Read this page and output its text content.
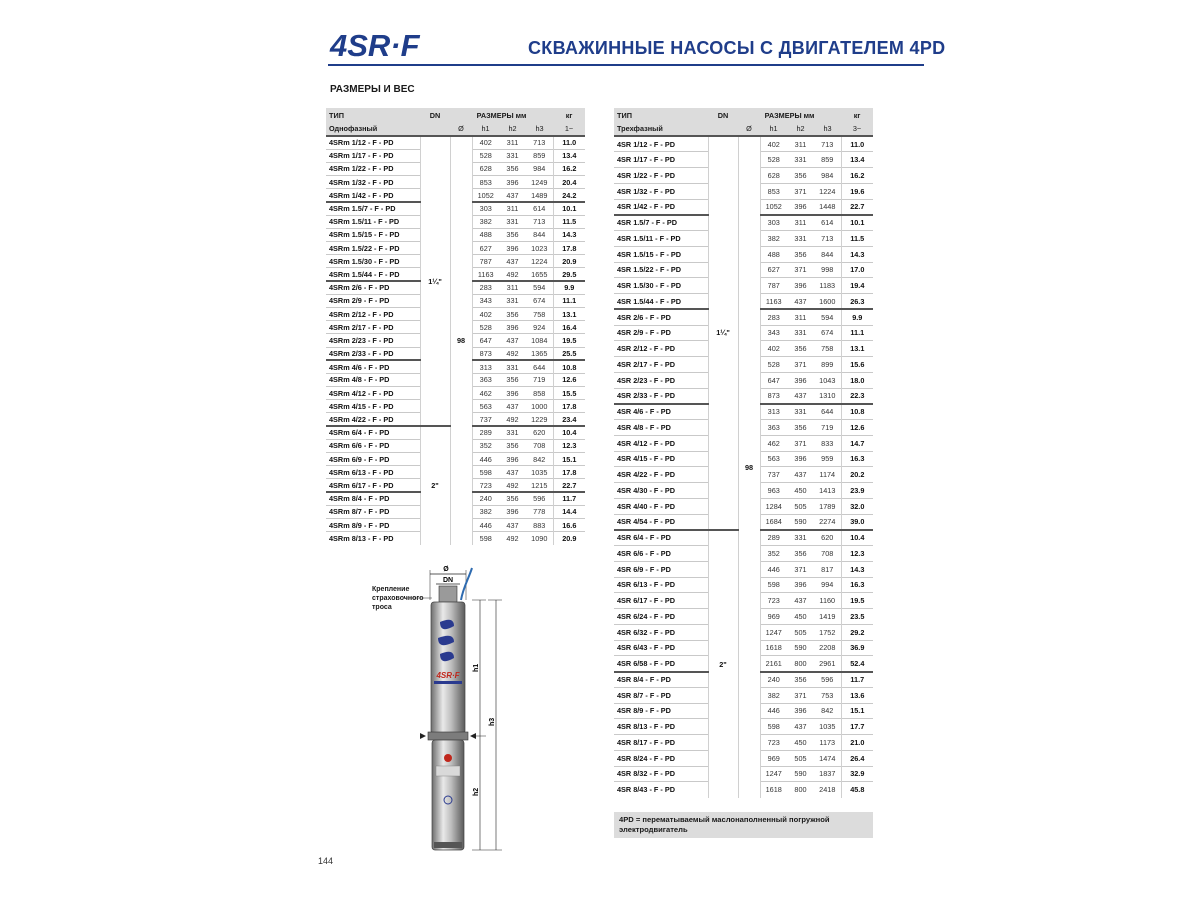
4SR·F	СКВАЖИННЫЕ НАСОСЫ С ДВИГАТЕЛЕМ 4PD
РАЗМЕРЫ И ВЕС
ТИП	DN	РАЗМЕРЫ мм				кг
Однофазный		Ø	h1	h2	h3	1~
4SRm 1/12 - F - PD	1¼"	98	402	311	713	11.0
4SRm 1/17 - F - PD			528	331	859	13.4
4SRm 1/22 - F - PD			628	356	984	16.2
4SRm 1/32 - F - PD			853	396	1249	20.4
4SRm 1/42 - F - PD			1052	437	1489	24.2
4SRm 1.5/7 - F - PD			303	311	614	10.1
4SRm 1.5/11 - F - PD			382	331	713	11.5
4SRm 1.5/15 - F - PD			488	356	844	14.3
4SRm 1.5/22 - F - PD			627	396	1023	17.8
4SRm 1.5/30 - F - PD			787	437	1224	20.9
4SRm 1.5/44 - F - PD			1163	492	1655	29.5
4SRm 2/6 - F - PD			283	311	594	9.9
4SRm 2/9 - F - PD			343	331	674	11.1
4SRm 2/12 - F - PD			402	356	758	13.1
4SRm 2/17 - F - PD			528	396	924	16.4
4SRm 2/23 - F - PD			647	437	1084	19.5
4SRm 2/33 - F - PD			873	492	1365	25.5
4SRm 4/6 - F - PD			313	331	644	10.8
4SRm 4/8 - F - PD			363	356	719	12.6
4SRm 4/12 - F - PD			462	396	858	15.5
4SRm 4/15 - F - PD			563	437	1000	17.8
4SRm 4/22 - F - PD			737	492	1229	23.4
4SRm 6/4 - F - PD	2"		289	331	620	10.4
4SRm 6/6 - F - PD			352	356	708	12.3
4SRm 6/9 - F - PD			446	396	842	15.1
4SRm 6/13 - F - PD			598	437	1035	17.8
4SRm 6/17 - F - PD			723	492	1215	22.7
4SRm 8/4 - F - PD			240	356	596	11.7
4SRm 8/7 - F - PD			382	396	778	14.4
4SRm 8/9 - F - PD			446	437	883	16.6
4SRm 8/13 - F - PD			598	492	1090	20.9
ТИП	DN	РАЗМЕРЫ мм				кг
Трехфазный		Ø	h1	h2	h3	3~
4SR 1/12 - F - PD	1¼"	98	402	311	713	11.0
4SR 1/17 - F - PD			528	331	859	13.4
4SR 1/22 - F - PD			628	356	984	16.2
4SR 1/32 - F - PD			853	371	1224	19.6
4SR 1/42 - F - PD			1052	396	1448	22.7
4SR 1.5/7 - F - PD			303	311	614	10.1
4SR 1.5/11 - F - PD			382	331	713	11.5
4SR 1.5/15 - F - PD			488	356	844	14.3
4SR 1.5/22 - F - PD			627	371	998	17.0
4SR 1.5/30 - F - PD			787	396	1183	19.4
4SR 1.5/44 - F - PD			1163	437	1600	26.3
4SR 2/6 - F - PD			283	311	594	9.9
4SR 2/9 - F - PD			343	331	674	11.1
4SR 2/12 - F - PD			402	356	758	13.1
4SR 2/17 - F - PD			528	371	899	15.6
4SR 2/23 - F - PD			647	396	1043	18.0
4SR 2/33 - F - PD			873	437	1310	22.3
4SR 4/6 - F - PD			313	331	644	10.8
4SR 4/8 - F - PD			363	356	719	12.6
4SR 4/12 - F - PD			462	371	833	14.7
4SR 4/15 - F - PD			563	396	959	16.3
4SR 4/22 - F - PD			737	437	1174	20.2
4SR 4/30 - F - PD			963	450	1413	23.9
4SR 4/40 - F - PD			1284	505	1789	32.0
4SR 4/54 - F - PD			1684	590	2274	39.0
4SR 6/4 - F - PD	2"		289	331	620	10.4
4SR 6/6 - F - PD			352	356	708	12.3
4SR 6/9 - F - PD			446	371	817	14.3
4SR 6/13 - F - PD			598	396	994	16.3
4SR 6/17 - F - PD			723	437	1160	19.5
4SR 6/24 - F - PD			969	450	1419	23.5
4SR 6/32 - F - PD			1247	505	1752	29.2
4SR 6/43 - F - PD			1618	590	2208	36.9
4SR 6/58 - F - PD			2161	800	2961	52.4
4SR 8/4 - F - PD			240	356	596	11.7
4SR 8/7 - F - PD			382	371	753	13.6
4SR 8/9 - F - PD			446	396	842	15.1
4SR 8/13 - F - PD			598	437	1035	17.7
4SR 8/17 - F - PD			723	450	1173	21.0
4SR 8/24 - F - PD			969	505	1474	26.4
4SR 8/32 - F - PD			1247	590	1837	32.9
4SR 8/43 - F - PD			1618	800	2418	45.8
4PD = перематываемый маслонаполненный погружной
электродвигатель
Крепление
страховочного
троса
Ø
DN
4SR·F
h1
h2
h3
144
